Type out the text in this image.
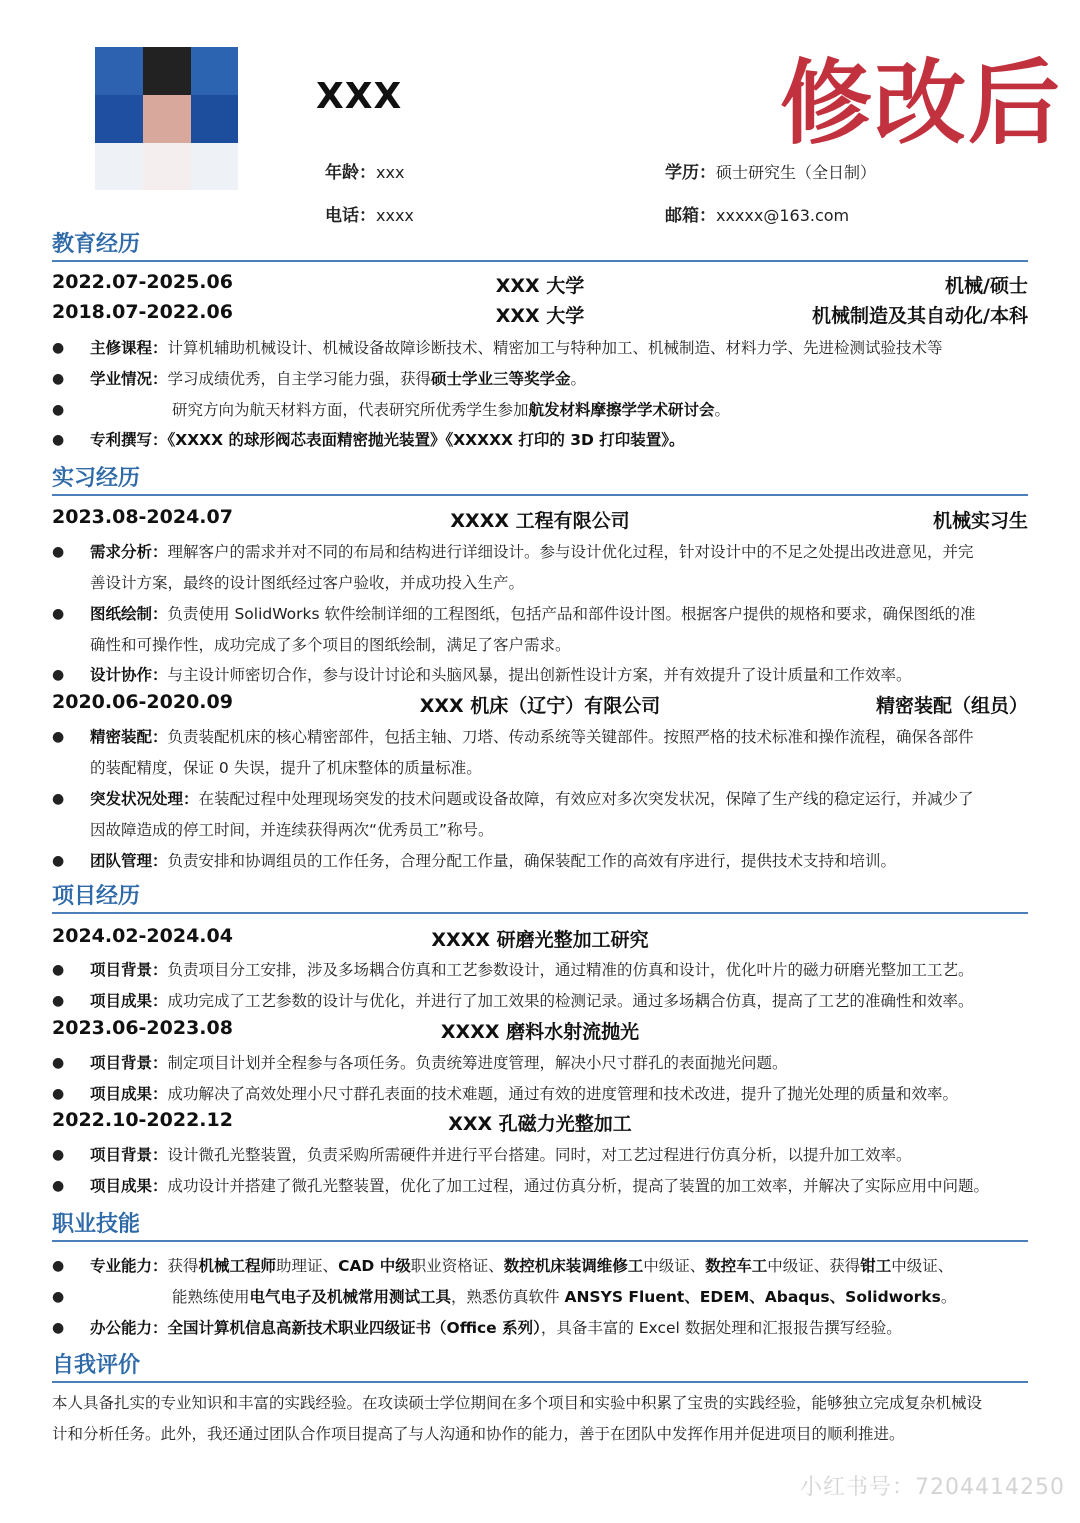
XXX	修改后
年龄：xxx	学历：硕士研究生（全日制）
电话：xxxx	邮箱：xxxxx@163.com
教育经历
2022.07-2025.06	XXX 大学	机械/硕士
2018.07-2022.06	XXX 大学	机械制造及其自动化/本科
●	主修课程：计算机辅助机械设计、机械设备故障诊断技术、精密加工与特种加工、机械制造、材料力学、先进检测试验技术等
●	学业情况：学习成绩优秀，自主学习能力强，获得硕士学业三等奖学金。
●	研究方向为航天材料方面，代表研究所优秀学生参加航发材料摩擦学学术研讨会。
●	专利撰写：《XXXX 的球形阀芯表面精密抛光装置》《XXXXX 打印的 3D 打印装置》。
实习经历
2023.08-2024.07	XXXX 工程有限公司	机械实习生
●	需求分析：理解客户的需求并对不同的布局和结构进行详细设计。参与设计优化过程，针对设计中的不足之处提出改进意见，并完
善设计方案，最终的设计图纸经过客户验收，并成功投入生产。
●	图纸绘制：负责使用 SolidWorks 软件绘制详细的工程图纸，包括产品和部件设计图。根据客户提供的规格和要求，确保图纸的准
确性和可操作性，成功完成了多个项目的图纸绘制，满足了客户需求。
●	设计协作：与主设计师密切合作，参与设计讨论和头脑风暴，提出创新性设计方案，并有效提升了设计质量和工作效率。
2020.06-2020.09	XXX 机床（辽宁）有限公司	精密装配（组员）
●	精密装配：负责装配机床的核心精密部件，包括主轴、刀塔、传动系统等关键部件。按照严格的技术标准和操作流程，确保各部件
的装配精度，保证 0 失误，提升了机床整体的质量标准。
●	突发状况处理：在装配过程中处理现场突发的技术问题或设备故障，有效应对多次突发状况，保障了生产线的稳定运行，并减少了
因故障造成的停工时间，并连续获得两次“优秀员工”称号。
●	团队管理：负责安排和协调组员的工作任务，合理分配工作量，确保装配工作的高效有序进行，提供技术支持和培训。
项目经历
2024.02-2024.04	XXXX 研磨光整加工研究
●	项目背景：负责项目分工安排，涉及多场耦合仿真和工艺参数设计，通过精准的仿真和设计，优化叶片的磁力研磨光整加工工艺。
●	项目成果：成功完成了工艺参数的设计与优化，并进行了加工效果的检测记录。通过多场耦合仿真，提高了工艺的准确性和效率。
2023.06-2023.08	XXXX 磨料水射流抛光
●	项目背景：制定项目计划并全程参与各项任务。负责统筹进度管理，解决小尺寸群孔的表面抛光问题。
●	项目成果：成功解决了高效处理小尺寸群孔表面的技术难题，通过有效的进度管理和技术改进，提升了抛光处理的质量和效率。
2022.10-2022.12	XXX 孔磁力光整加工
●	项目背景：设计微孔光整装置，负责采购所需硬件并进行平台搭建。同时，对工艺过程进行仿真分析，以提升加工效率。
●	项目成果：成功设计并搭建了微孔光整装置，优化了加工过程，通过仿真分析，提高了装置的加工效率，并解决了实际应用中问题。
职业技能
●	专业能力：获得机械工程师助理证、CAD 中级职业资格证、数控机床装调维修工中级证、数控车工中级证、获得钳工中级证、
●	能熟练使用电气电子及机械常用测试工具，熟悉仿真软件 ANSYS Fluent、EDEM、Abaqus、Solidworks。
●	办公能力：全国计算机信息高新技术职业四级证书（Office 系列），具备丰富的 Excel 数据处理和汇报报告撰写经验。
自我评价
本人具备扎实的专业知识和丰富的实践经验。在攻读硕士学位期间在多个项目和实验中积累了宝贵的实践经验，能够独立完成复杂机械设
计和分析任务。此外，我还通过团队合作项目提高了与人沟通和协作的能力，善于在团队中发挥作用并促进项目的顺利推进。
小红书号：7204414250
